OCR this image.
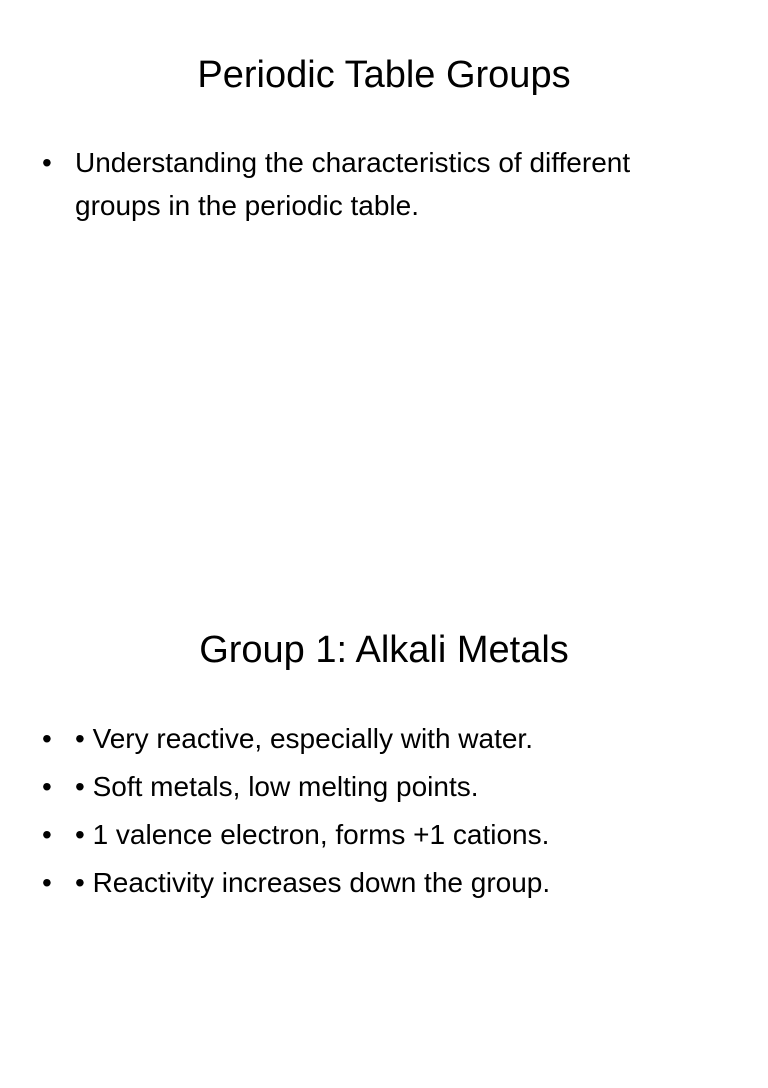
Periodic Table Groups
• Understanding the characteristics of different groups in the periodic table.
Group 1: Alkali Metals
• • Very reactive, especially with water.
• • Soft metals, low melting points.
• • 1 valence electron, forms +1 cations.
• • Reactivity increases down the group.
